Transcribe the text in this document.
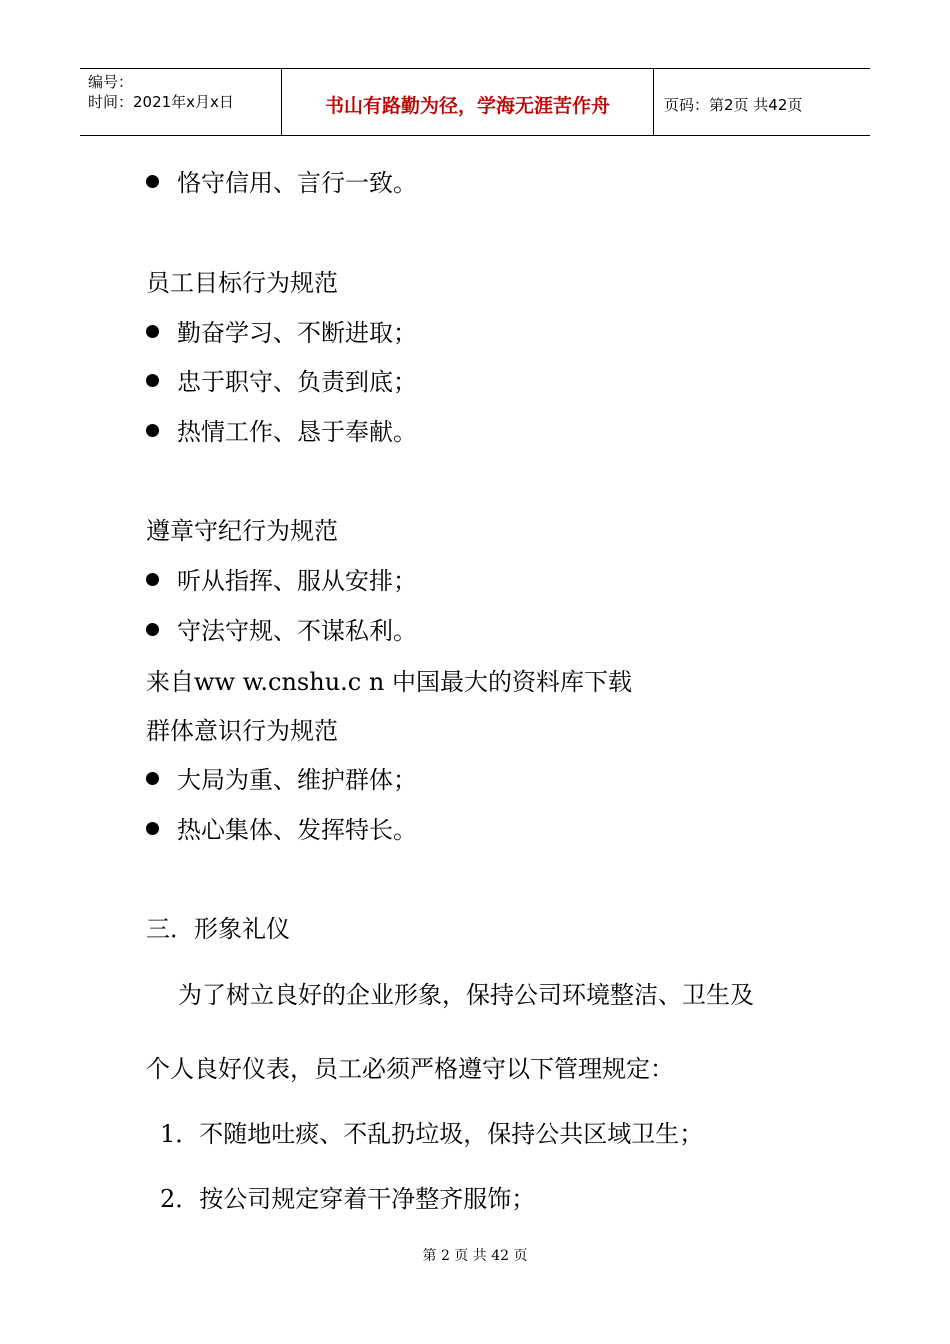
编号：
时间：2021年x月x日	书山有路勤为径，学海无涯苦作舟	页码：第2页 共42页
恪守信用、言行一致。
员工目标行为规范
勤奋学习、不断进取；
忠于职守、负责到底；
热情工作、恳于奉献。
遵章守纪行为规范
听从指挥、服从安排；
守法守规、不谋私利。
来自ww w.cnshu.c n 中国最大的资料库下载
群体意识行为规范
大局为重、维护群体；
热心集体、发挥特长。
三．形象礼仪
为了树立良好的企业形象，保持公司环境整洁、卫生及
个人良好仪表，员工必须严格遵守以下管理规定：
1．不随地吐痰、不乱扔垃圾，保持公共区域卫生；
2．按公司规定穿着干净整齐服饰；
第 2 页 共 42 页
